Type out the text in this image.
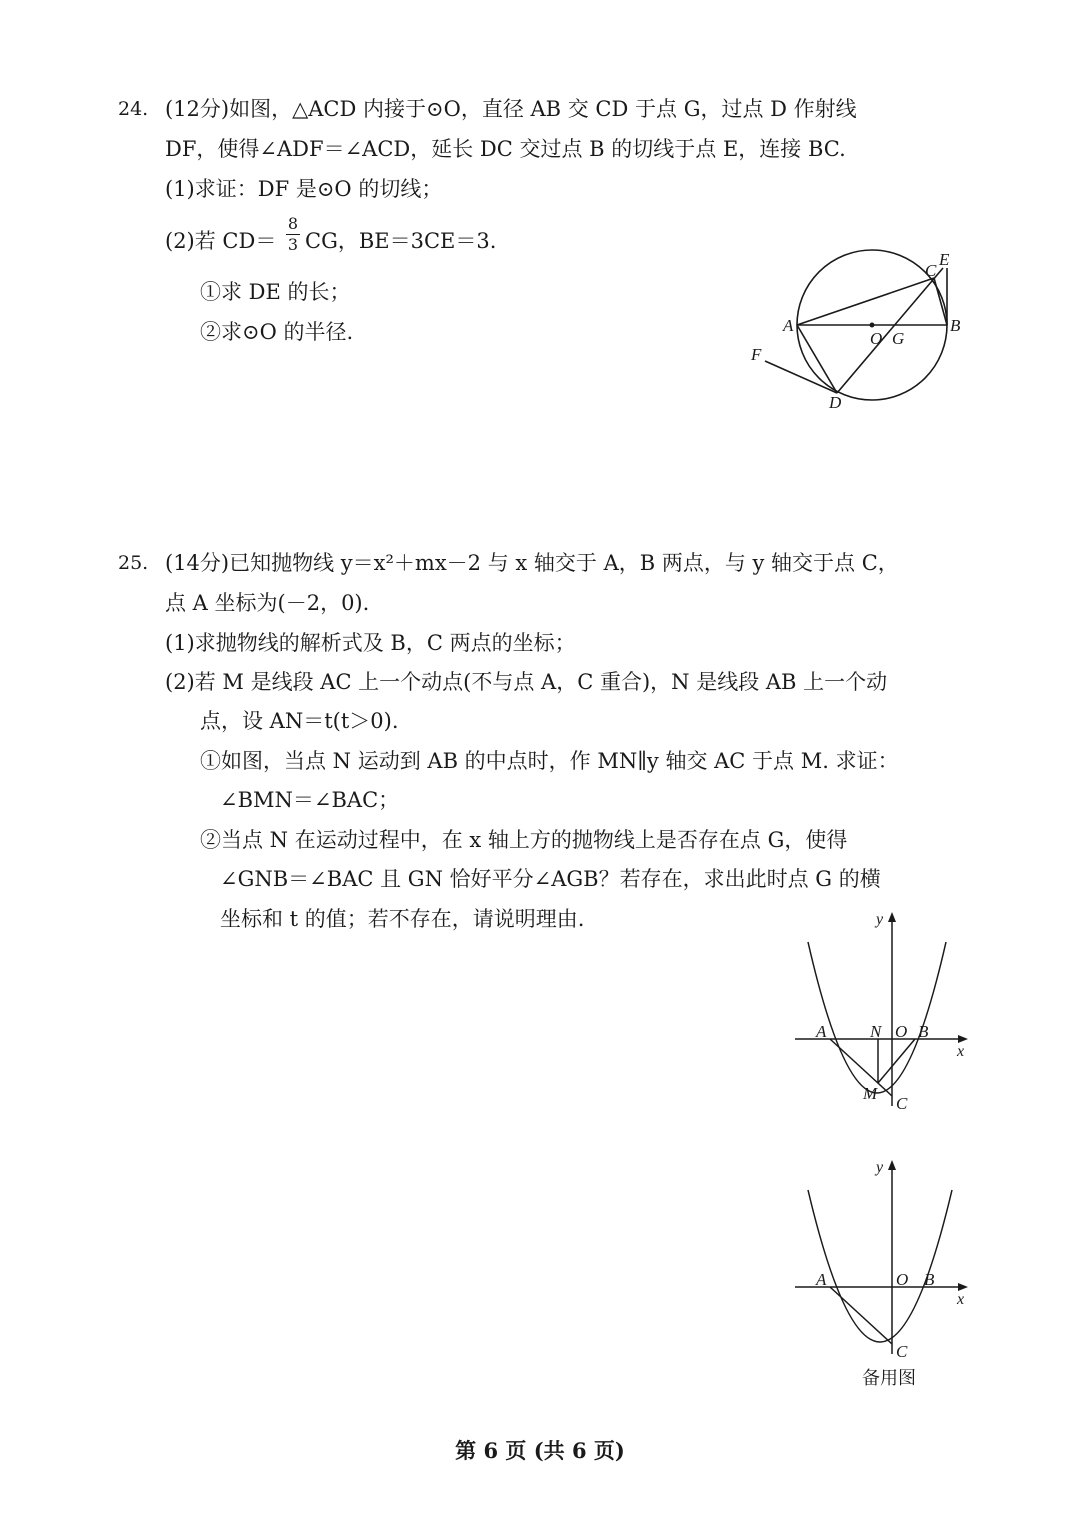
24. (12分)如图，△ACD 内接于⊙O，直径 AB 交 CD 于点 G，过点 D 作射线
DF，使得∠ADF＝∠ACD，延长 DC 交过点 B 的切线于点 E，连接 BC.
(1)求证：DF 是⊙O 的切线；
(2)若 CD＝
8
3 CG，BE＝3CE＝3.
①求 DE 的长；
②求⊙O 的半径.	A	B
C
E
D
F
O G
25. (14分)已知抛物线 y＝x²＋mx－2 与 x 轴交于 A，B 两点，与 y 轴交于点 C，
点 A 坐标为(－2，0).
(1)求抛物线的解析式及 B，C 两点的坐标；
(2)若 M 是线段 AC 上一个动点(不与点 A，C 重合)，N 是线段 AB 上一个动
点，设 AN＝t(t＞0).
①如图，当点 N 运动到 AB 的中点时，作 MN∥y 轴交 AC 于点 M. 求证：
∠BMN＝∠BAC；
②当点 N 在运动过程中，在 x 轴上方的抛物线上是否存在点 G，使得
∠GNB＝∠BAC 且 GN 恰好平分∠AGB？若存在，求出此时点 G 的横
坐标和 t 的值；若不存在，请说明理由.	y
x
A	N O B
M
C
y
x
A	O B
C
备用图
第 6 页 (共 6 页)
